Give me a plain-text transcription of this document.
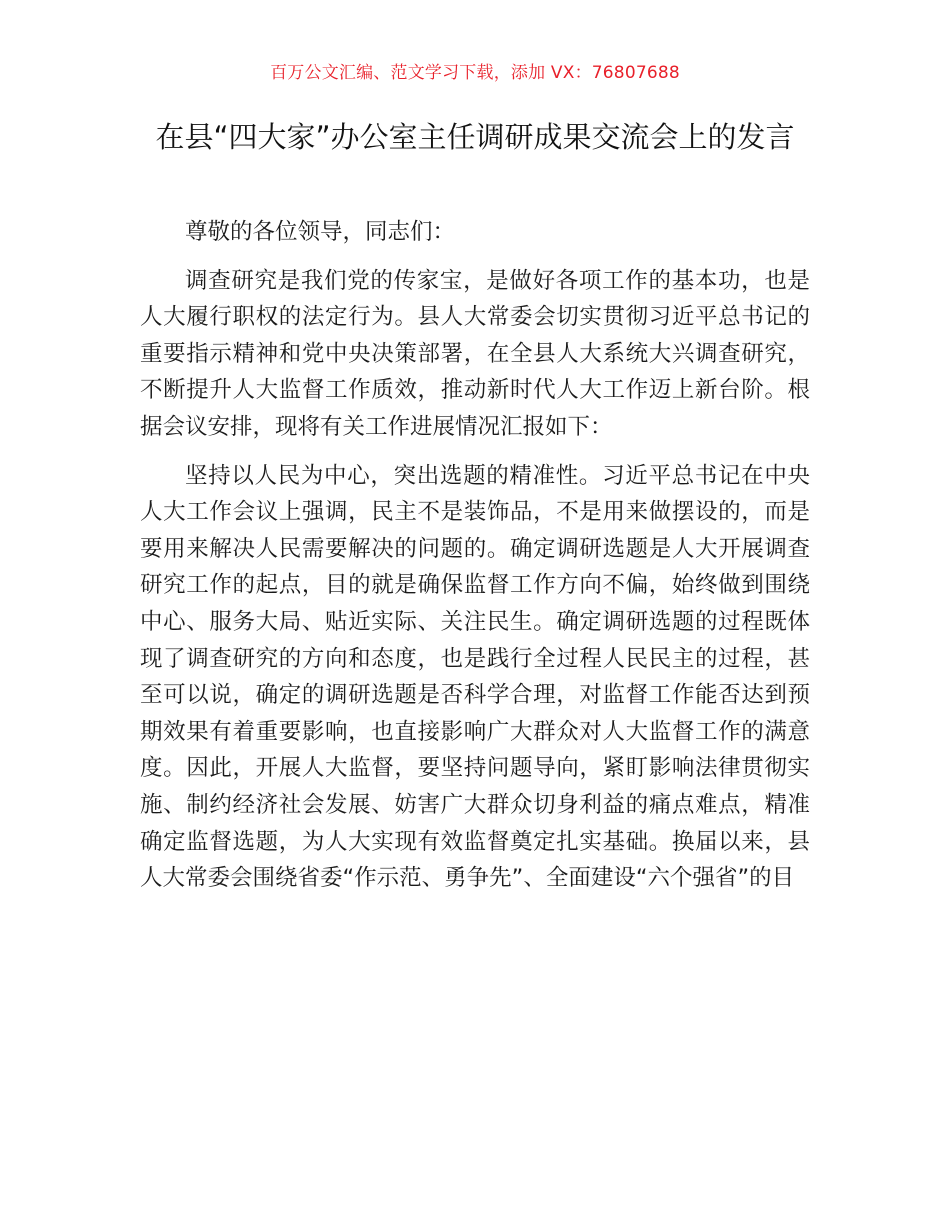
百万公文汇编、范文学习下载，添加 VX：76807688
在县“四大家”办公室主任调研成果交流会上的发言

尊敬的各位领导，同志们：

调查研究是我们党的传家宝，是做好各项工作的基本功，也是人大履行职权的法定行为。县人大常委会切实贯彻习近平总书记的重要指示精神和党中央决策部署，在全县人大系统大兴调查研究，不断提升人大监督工作质效，推动新时代人大工作迈上新台阶。根据会议安排，现将有关工作进展情况汇报如下：

坚持以人民为中心，突出选题的精准性。习近平总书记在中央人大工作会议上强调，民主不是装饰品，不是用来做摆设的，而是要用来解决人民需要解决的问题的。确定调研选题是人大开展调查研究工作的起点，目的就是确保监督工作方向不偏，始终做到围绕中心、服务大局、贴近实际、关注民生。确定调研选题的过程既体现了调查研究的方向和态度，也是践行全过程人民民主的过程，甚至可以说，确定的调研选题是否科学合理，对监督工作能否达到预期效果有着重要影响，也直接影响广大群众对人大监督工作的满意度。因此，开展人大监督，要坚持问题导向，紧盯影响法律贯彻实施、制约经济社会发展、妨害广大群众切身利益的痛点难点，精准确定监督选题，为人大实现有效监督奠定扎实基础。换届以来，县人大常委会围绕省委“作示范、勇争先”、全面建设“六个强省”的目
